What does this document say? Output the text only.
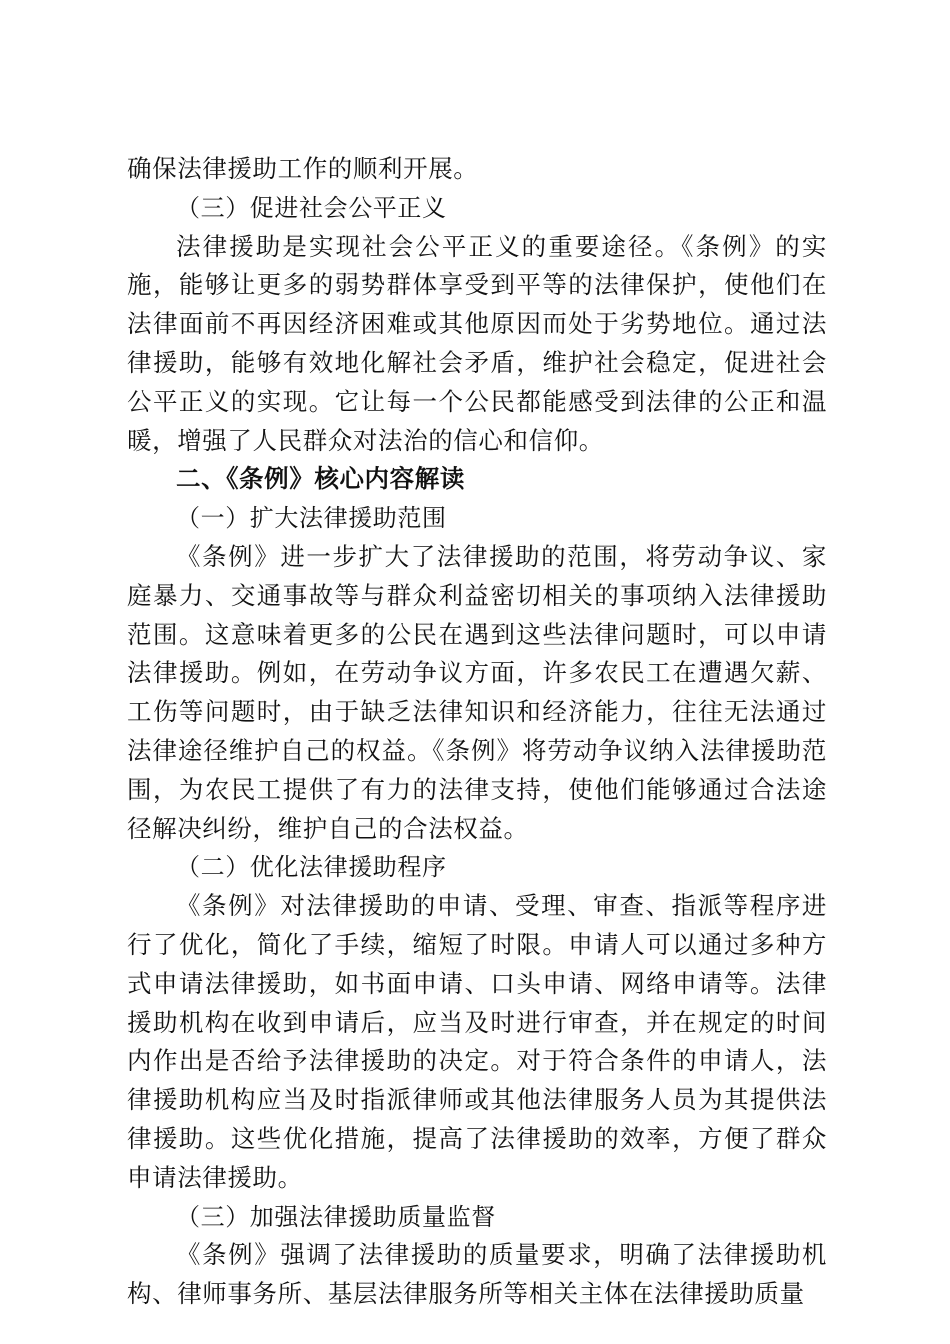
确保法律援助工作的顺利开展。

（三）促进社会公平正义

法律援助是实现社会公平正义的重要途径。《条例》的实施，能够让更多的弱势群体享受到平等的法律保护，使他们在法律面前不再因经济困难或其他原因而处于劣势地位。通过法律援助，能够有效地化解社会矛盾，维护社会稳定，促进社会公平正义的实现。它让每一个公民都能感受到法律的公正和温暖，增强了人民群众对法治的信心和信仰。

二、《条例》核心内容解读

（一）扩大法律援助范围

《条例》进一步扩大了法律援助的范围，将劳动争议、家庭暴力、交通事故等与群众利益密切相关的事项纳入法律援助范围。这意味着更多的公民在遇到这些法律问题时，可以申请法律援助。例如，在劳动争议方面，许多农民工在遭遇欠薪、工伤等问题时，由于缺乏法律知识和经济能力，往往无法通过法律途径维护自己的权益。《条例》将劳动争议纳入法律援助范围，为农民工提供了有力的法律支持，使他们能够通过合法途径解决纠纷，维护自己的合法权益。

（二）优化法律援助程序

《条例》对法律援助的申请、受理、审查、指派等程序进行了优化，简化了手续，缩短了时限。申请人可以通过多种方式申请法律援助，如书面申请、口头申请、网络申请等。法律援助机构在收到申请后，应当及时进行审查，并在规定的时间内作出是否给予法律援助的决定。对于符合条件的申请人，法律援助机构应当及时指派律师或其他法律服务人员为其提供法律援助。这些优化措施，提高了法律援助的效率，方便了群众申请法律援助。

（三）加强法律援助质量监督

《条例》强调了法律援助的质量要求，明确了法律援助机构、律师事务所、基层法律服务所等相关主体在法律援助质量
